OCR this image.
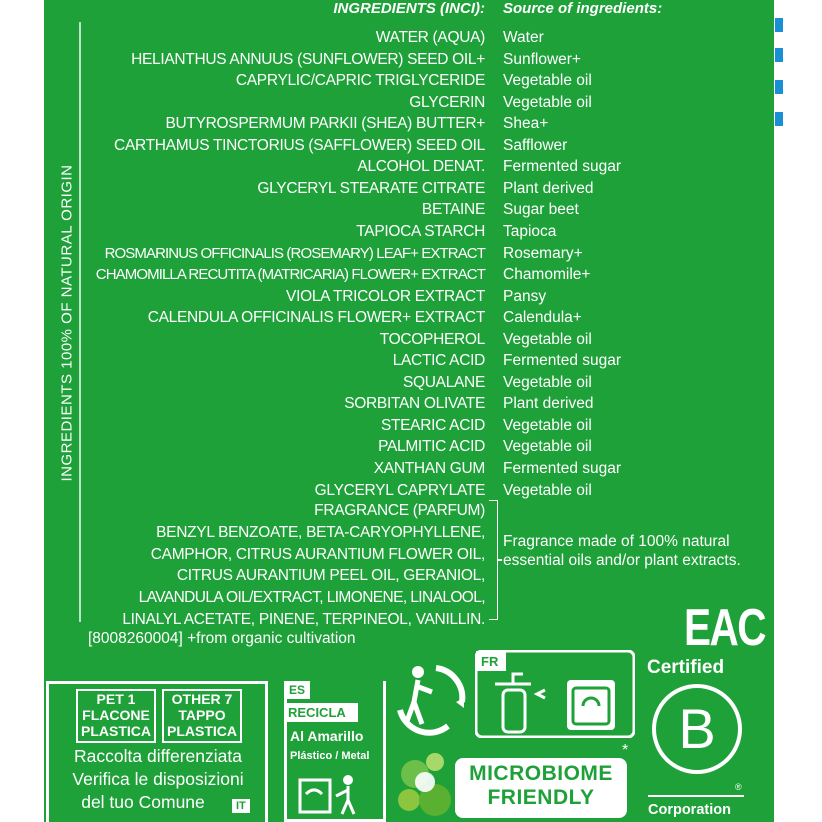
INGREDIENTS (INCI): Source of ingredients:
INGREDIENTS 100% OF NATURAL ORIGIN
WATER (AQUA) Water
HELIANTHUS ANNUUS (SUNFLOWER) SEED OIL+ Sunflower+
CAPRYLIC/CAPRIC TRIGLYCERIDE Vegetable oil
GLYCERIN Vegetable oil
BUTYROSPERMUM PARKII (SHEA) BUTTER+ Shea+
CARTHAMUS TINCTORIUS (SAFFLOWER) SEED OIL Safflower
ALCOHOL DENAT. Fermented sugar
GLYCERYL STEARATE CITRATE Plant derived
BETAINE Sugar beet
TAPIOCA STARCH Tapioca
ROSMARINUS OFFICINALIS (ROSEMARY) LEAF+ EXTRACT Rosemary+
CHAMOMILLA RECUTITA (MATRICARIA) FLOWER+ EXTRACT Chamomile+
VIOLA TRICOLOR EXTRACT Pansy
CALENDULA OFFICINALIS FLOWER+ EXTRACT Calendula+
TOCOPHEROL Vegetable oil
LACTIC ACID Fermented sugar
SQUALANE Vegetable oil
SORBITAN OLIVATE Plant derived
STEARIC ACID Vegetable oil
PALMITIC ACID Vegetable oil
XANTHAN GUM Fermented sugar
GLYCERYL CAPRYLATE Vegetable oil
FRAGRANCE (PARFUM)
BENZYL BENZOATE, BETA-CARYOPHYLLENE,
CAMPHOR, CITRUS AURANTIUM FLOWER OIL,
CITRUS AURANTIUM PEEL OIL, GERANIOL,
LAVANDULA OIL/EXTRACT, LIMONENE, LINALOOL,
LINALYL ACETATE, PINENE, TERPINEOL, VANILLIN.
Fragrance made of 100% natural essential oils and/or plant extracts.
[8008260004] +from organic cultivation	EAC
Certified
B
®
Corporation
PET 1 FLACONE PLASTICA
OTHER 7 TAPPO PLASTICA
Raccolta differenziata
Verifica le disposizioni
del tuo Comune	IT
ES
RECICLA
Al Amarillo
Plástico / Metal
FR
MICROBIOME
FRIENDLY
*
